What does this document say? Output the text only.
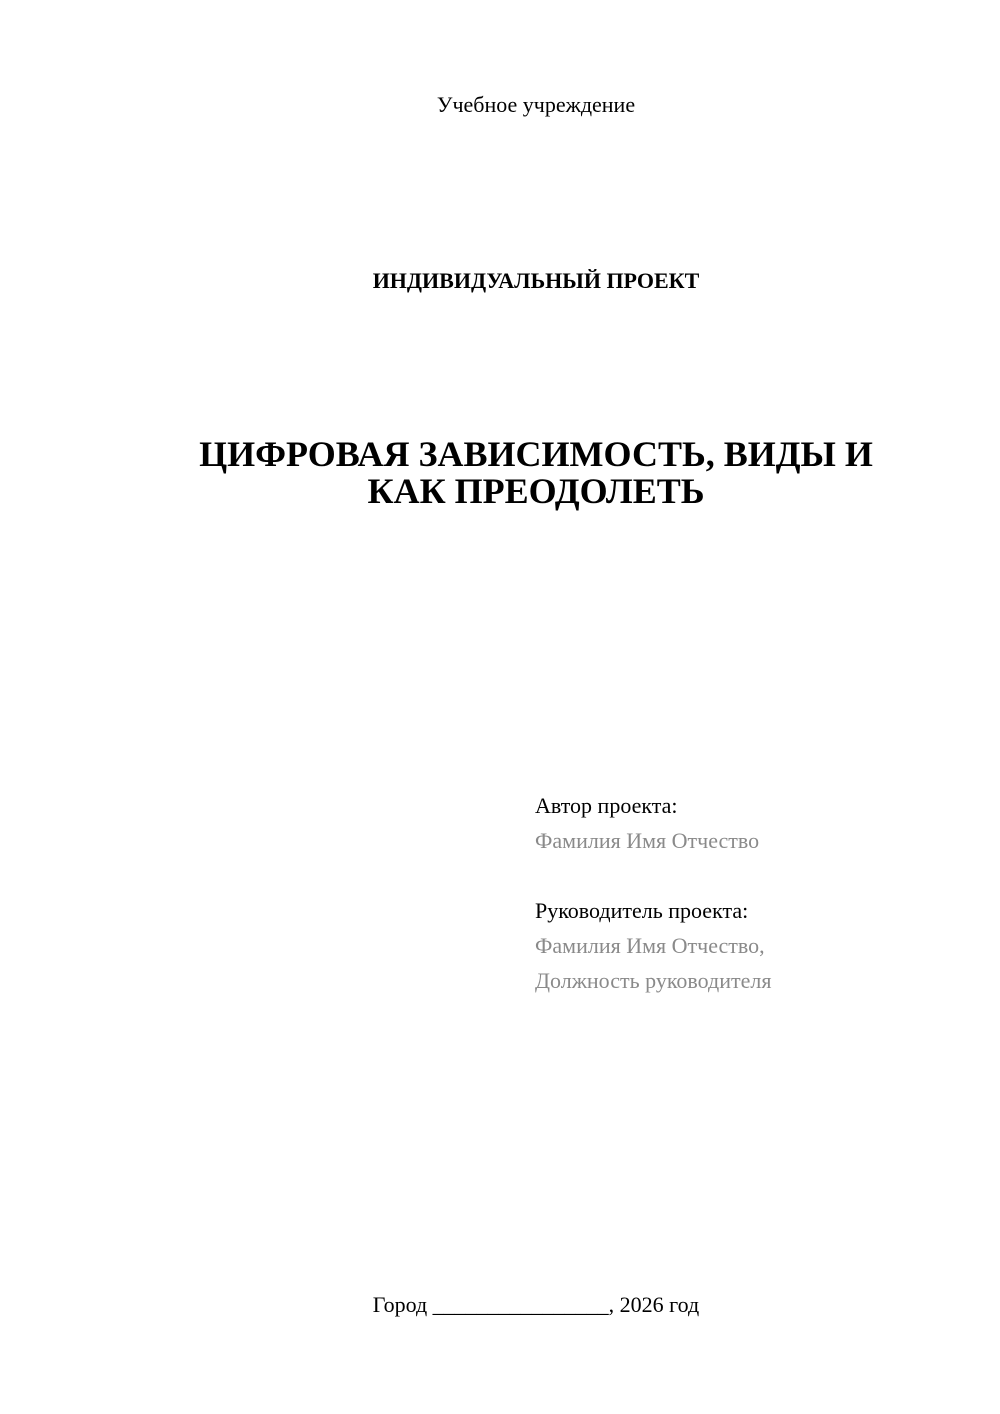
Учебное учреждение
ИНДИВИДУАЛЬНЫЙ ПРОЕКТ
ЦИФРОВАЯ ЗАВИСИМОСТЬ, ВИДЫ И
КАК ПРЕОДОЛЕТЬ
Автор проекта:
Фамилия Имя Отчество
Руководитель проекта:
Фамилия Имя Отчество,
Должность руководителя
Город ________________, 2026 год
